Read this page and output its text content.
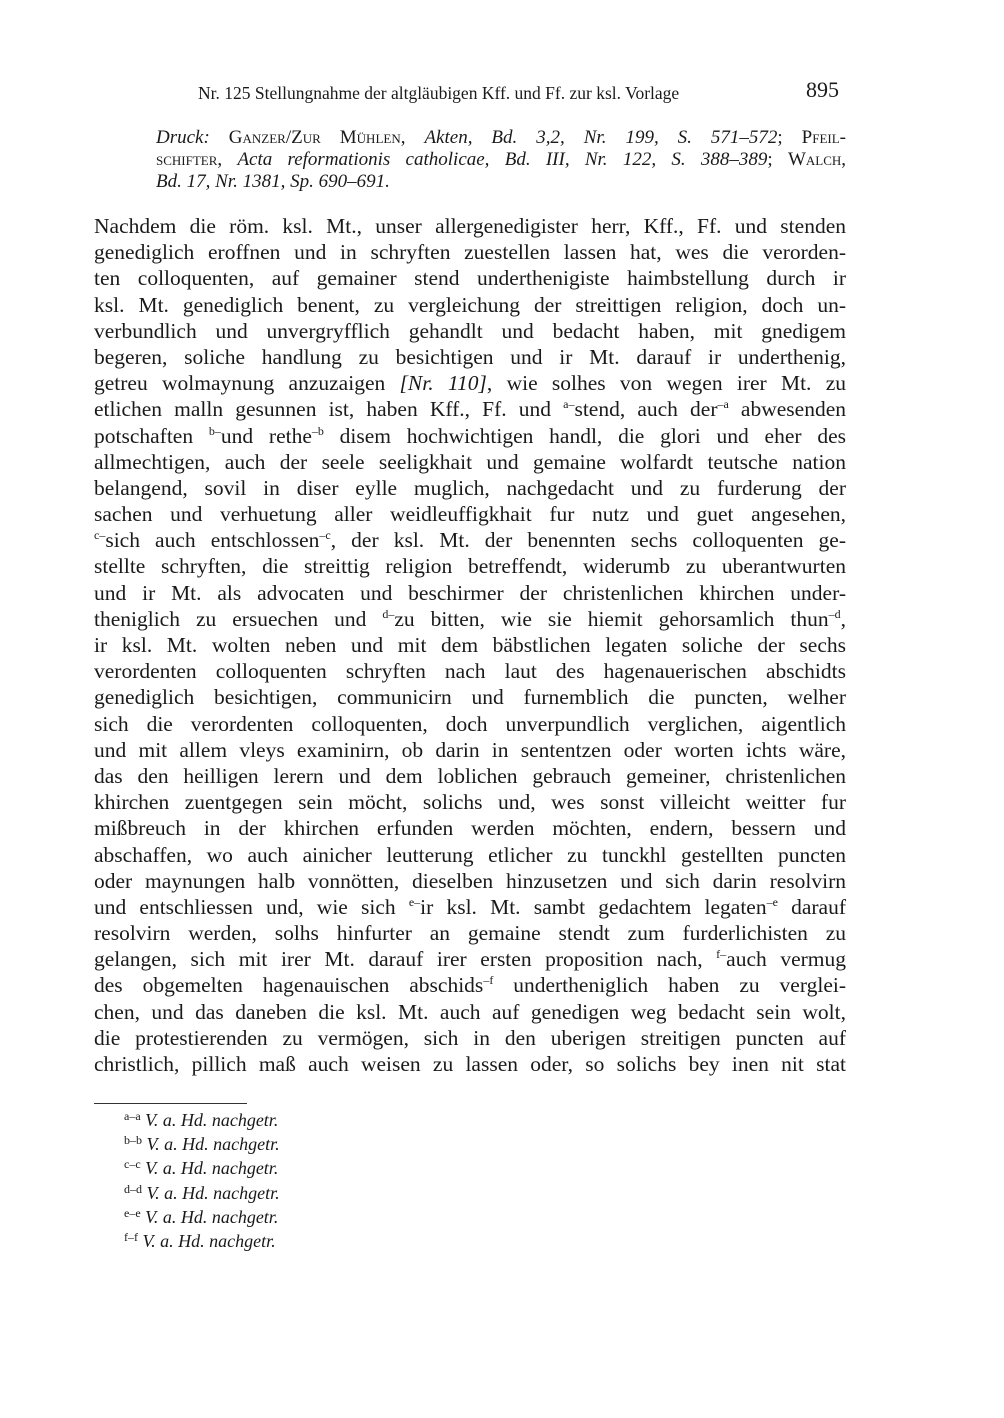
Nr. 125 Stellungnahme der altgläubigen Kff. und Ff. zur ksl. Vorlage	895
Druck: Ganzer/Zur Mühlen, Akten, Bd. 3,2, Nr. 199, S. 571–572; Pfeil-
schifter, Acta reformationis catholicae, Bd. III, Nr. 122, S. 388–389; Walch,
Bd. 17, Nr. 1381, Sp. 690–691.
Nachdem die röm. ksl. Mt., unser allergenedigister herr, Kff., Ff. und stenden
genediglich eroffnen und in schryften zuestellen lassen hat, wes die verorden-
ten colloquenten, auf gemainer stend underthenigiste haimbstellung durch ir
ksl. Mt. genediglich benent, zu vergleichung der streittigen religion, doch un-
verbundlich und unvergryfflich gehandlt und bedacht haben, mit gnedigem
begeren, soliche handlung zu besichtigen und ir Mt. darauf ir underthenig,
getreu wolmaynung anzuzaigen [Nr. 110], wie solhes von wegen irer Mt. zu
etlichen malln gesunnen ist, haben Kff., Ff. und $^{a-}$stend, auch der$^{-a}$ abwesenden
potschaften $^{b-}$und rethe$^{-b}$ disem hochwichtigen handl, die glori und eher des
allmechtigen, auch der seele seeligkhait und gemaine wolfardt teutsche nation
belangend, sovil in diser eylle muglich, nachgedacht und zu furderung der
sachen und verhuetung aller weidleuffigkhait fur nutz und guet angesehen,
$^{c-}$sich auch entschlossen$^{-c}$, der ksl. Mt. der benennten sechs colloquenten ge-
stellte schryften, die streittig religion betreffendt, widerumb zu uberantwurten
und ir Mt. als advocaten und beschirmer der christenlichen khirchen under-
theniglich zu ersuechen und $^{d-}$zu bitten, wie sie hiemit gehorsamlich thun$^{-d}$,
ir ksl. Mt. wolten neben und mit dem bäbstlichen legaten soliche der sechs
verordenten colloquenten schryften nach laut des hagenauerischen abschidts
genediglich besichtigen, communicirn und furnemblich die puncten, welher
sich die verordenten colloquenten, doch unverpundlich verglichen, aigentlich
und mit allem vleys examinirn, ob darin in sententzen oder worten ichts wäre,
das den heilligen lerern und dem loblichen gebrauch gemeiner, christenlichen
khirchen zuentgegen sein möcht, solichs und, wes sonst villeicht weitter fur
mißbreuch in der khirchen erfunden werden möchten, endern, bessern und
abschaffen, wo auch ainicher leutterung etlicher zu tunckhl gestellten puncten
oder maynungen halb vonnötten, dieselben hinzusetzen und sich darin resolvirn
und entschliessen und, wie sich $^{e-}$ir ksl. Mt. sambt gedachtem legaten$^{-e}$ darauf
resolvirn werden, solhs hinfurter an gemaine stendt zum furderlichisten zu
gelangen, sich mit irer Mt. darauf irer ersten proposition nach, $^{f-}$auch vermug
des obgemelten hagenauischen abschids$^{-f}$ undertheniglich haben zu verglei-
chen, und das daneben die ksl. Mt. auch auf genedigen weg bedacht sein wolt,
die protestierenden zu vermögen, sich in den uberigen streitigen puncten auf
christlich, pillich maß auch weisen zu lassen oder, so solichs bey inen nit stat
$^{a-a}$ V. a. Hd. nachgetr.
$^{b-b}$ V. a. Hd. nachgetr.
$^{c-c}$ V. a. Hd. nachgetr.
$^{d-d}$ V. a. Hd. nachgetr.
$^{e-e}$ V. a. Hd. nachgetr.
$^{f-f}$ V. a. Hd. nachgetr.
